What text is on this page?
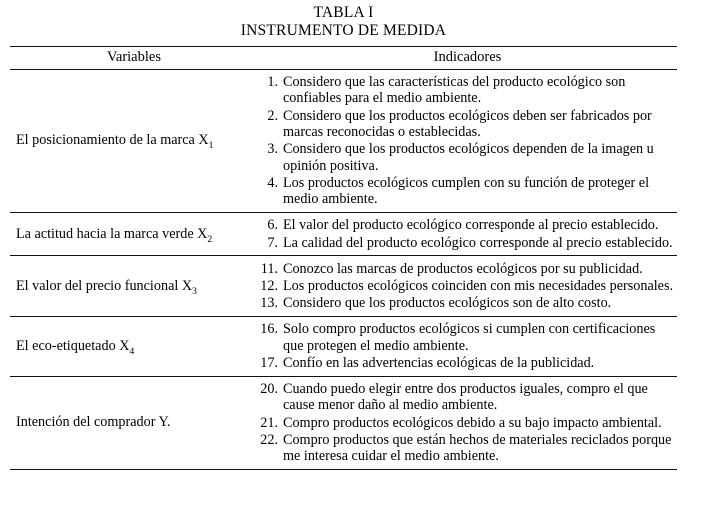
TABLA I
INSTRUMENTO DE MEDIDA
Variables	Indicadores
El posicionamiento de la marca $X_1$	
1. Considero que las características del producto ecológico son confiables para el medio ambiente.
2. Considero que los productos ecológicos deben ser fabricados por marcas reconocidas o establecidas.
3. Considero que los productos ecológicos dependen de la imagen u opinión positiva.
4. Los productos ecológicos cumplen con su función de proteger el medio ambiente.

La actitud hacia la marca verde $X_2$	
6. El valor del producto ecológico corresponde al precio establecido.
7. La calidad del producto ecológico corresponde al precio establecido.

El valor del precio funcional $X_3$	
11. Conozco las marcas de productos ecológicos por su publicidad.
12. Los productos ecológicos coinciden con mis necesidades personales.
13. Considero que los productos ecológicos son de alto costo.

El eco-etiquetado $X_4$	
16. Solo compro productos ecológicos si cumplen con certificaciones que protegen el medio ambiente.
17. Confío en las advertencias ecológicas de la publicidad.

Intención del comprador Y.	
20. Cuando puedo elegir entre dos productos iguales, compro el que cause menor daño al medio ambiente.
21. Compro productos ecológicos debido a su bajo impacto ambiental.
22. Compro productos que están hechos de materiales reciclados porque me interesa cuidar el medio ambiente.
